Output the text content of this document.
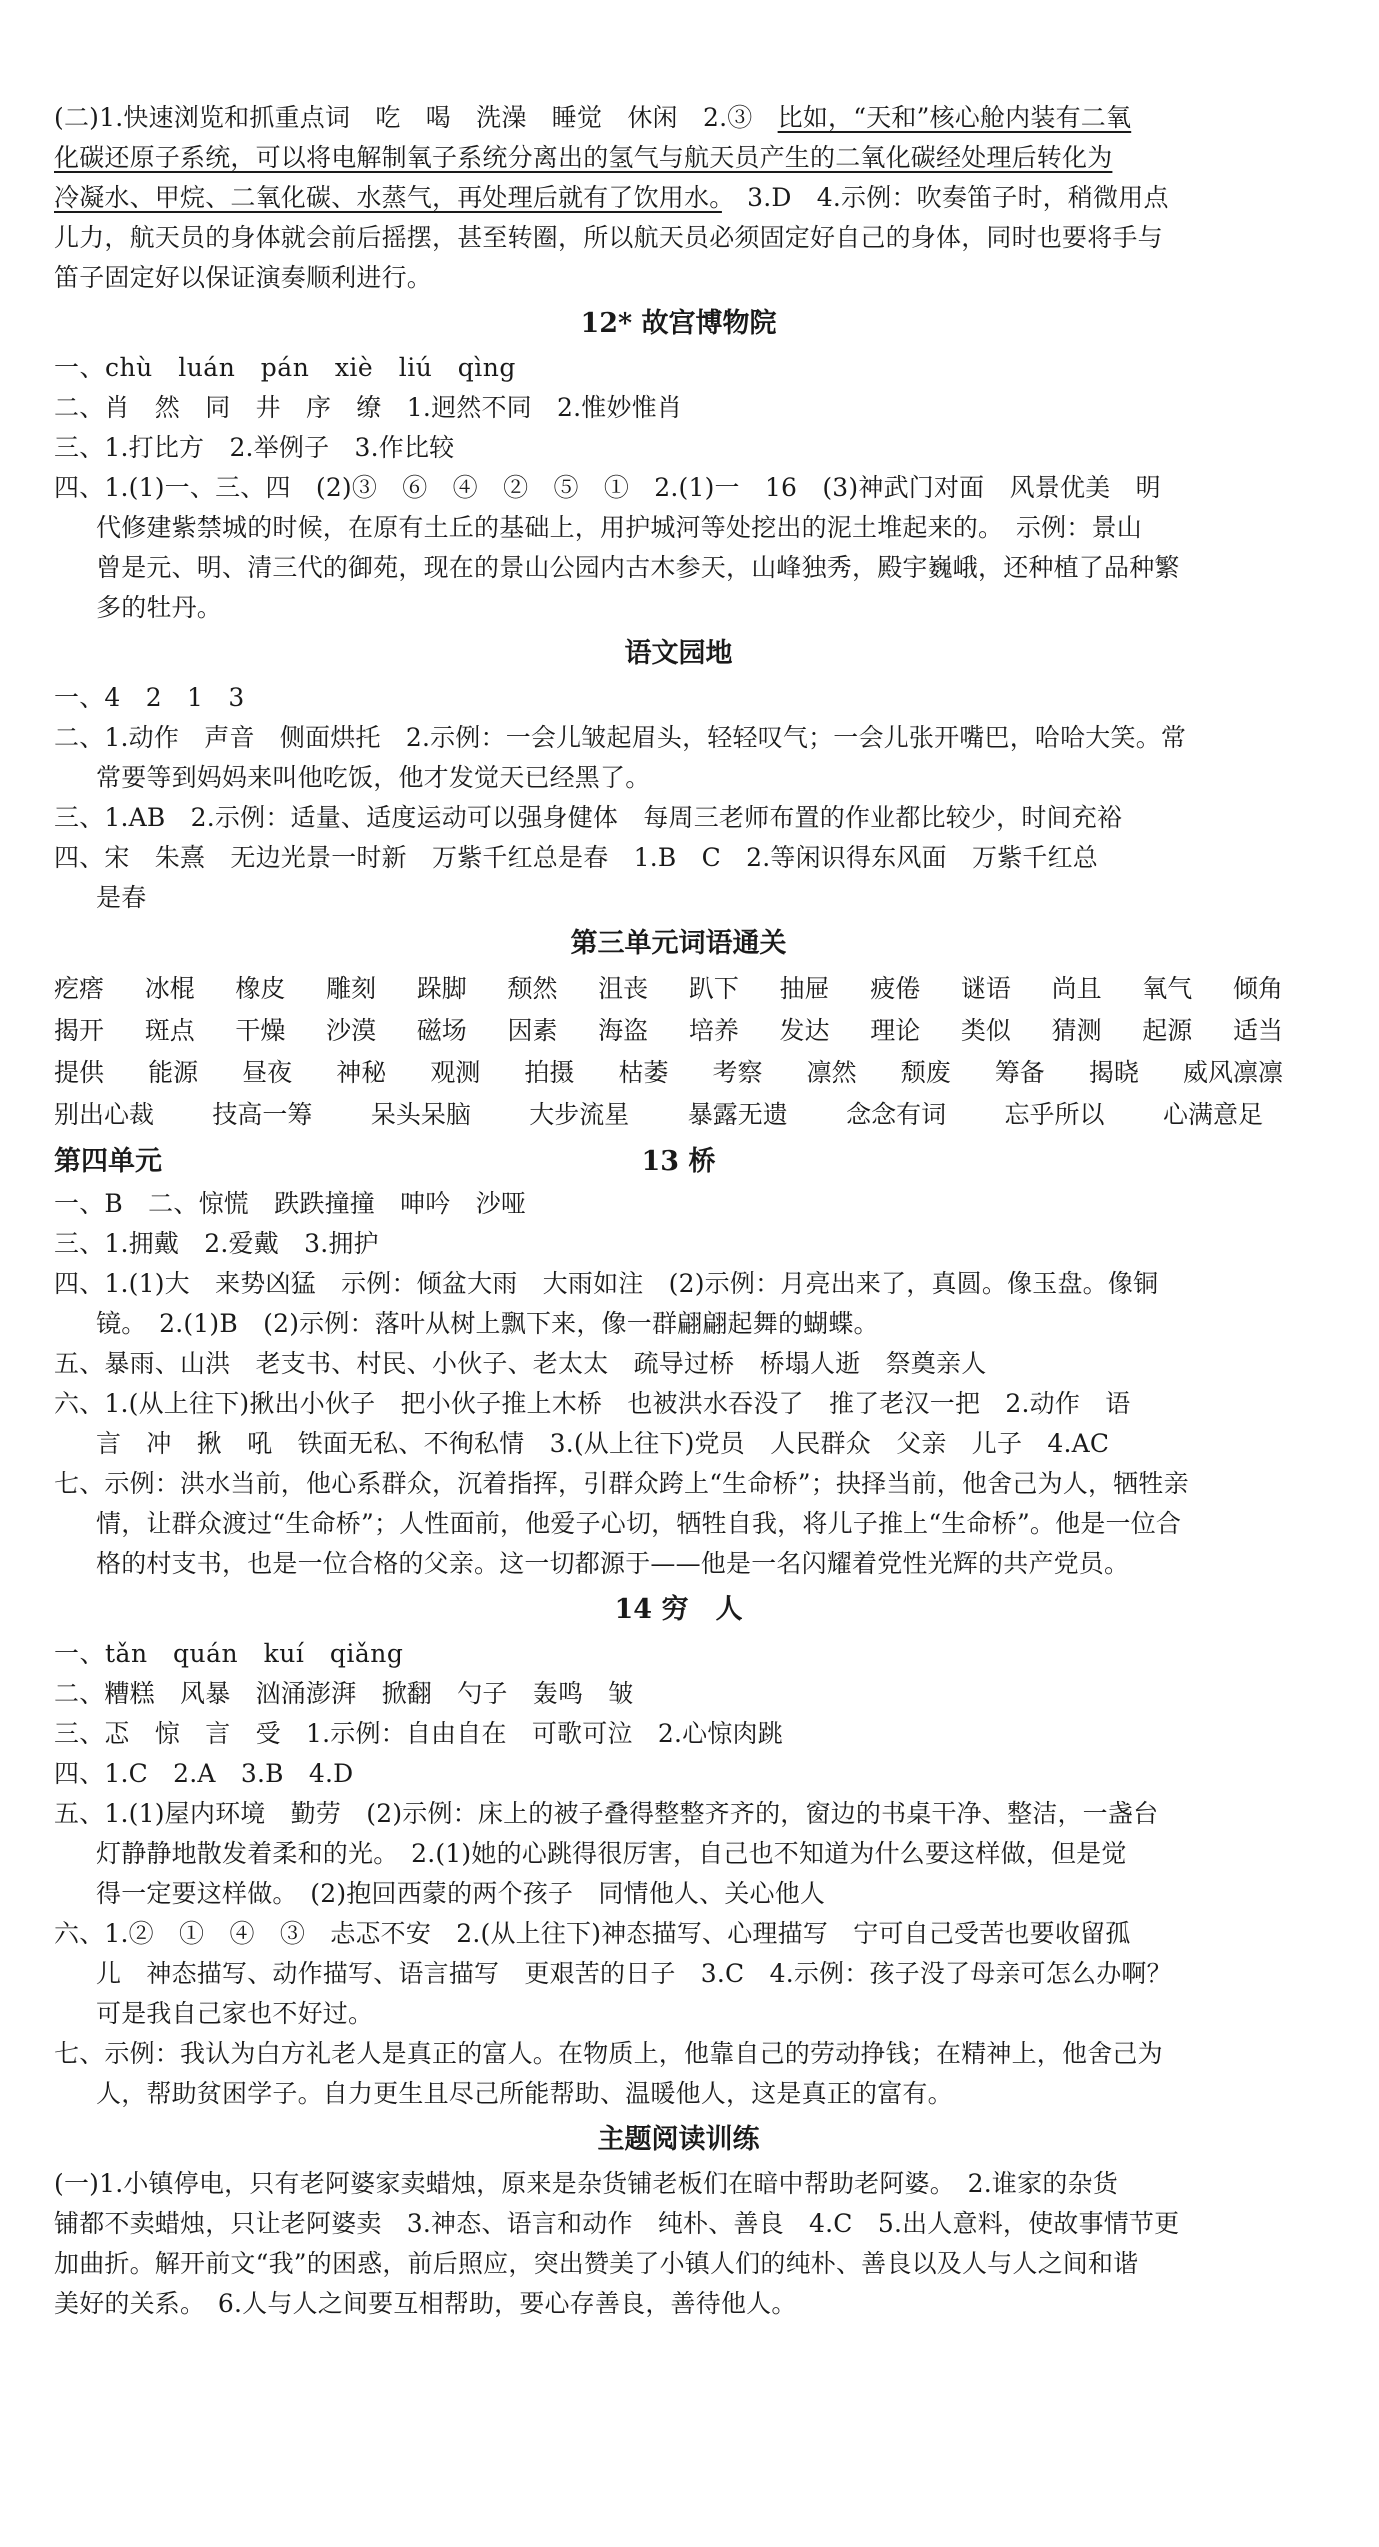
(二)1.快速浏览和抓重点词　吃　喝　洗澡　睡觉　休闲　2.③　比如，“天和”核心舱内装有二氧

化碳还原子系统，可以将电解制氧子系统分离出的氢气与航天员产生的二氧化碳经处理后转化为

冷凝水、甲烷、二氧化碳、水蒸气，再处理后就有了饮用水。　3.D　4.示例：吹奏笛子时，稍微用点

儿力，航天员的身体就会前后摇摆，甚至转圈，所以航天员必须固定好自己的身体，同时也要将手与

笛子固定好以保证演奏顺利进行。

12* 故宫博物院

一、chù　luán　pán　xiè　liú　qìng

二、肖　然　同　井　序　缭　1.迥然不同　2.惟妙惟肖

三、1.打比方　2.举例子　3.作比较

四、1.(1)一、三、四　(2)③　⑥　④　②　⑤　①　2.(1)一　16　(3)神武门对面　风景优美　明

代修建紫禁城的时候，在原有土丘的基础上，用护城河等处挖出的泥土堆起来的。　示例：景山

曾是元、明、清三代的御苑，现在的景山公园内古木参天，山峰独秀，殿宇巍峨，还种植了品种繁

多的牡丹。

语文园地

一、4　2　1　3

二、1.动作　声音　侧面烘托　2.示例：一会儿皱起眉头，轻轻叹气；一会儿张开嘴巴，哈哈大笑。常

常要等到妈妈来叫他吃饭，他才发觉天已经黑了。

三、1.AB　2.示例：适量、适度运动可以强身健体　每周三老师布置的作业都比较少，时间充裕

四、宋　朱熹　无边光景一时新　万紫千红总是春　1.B　C　2.等闲识得东风面　万紫千红总

是春

第三单元词语通关
疙瘩 冰棍 橡皮 雕刻 跺脚 颓然 沮丧 趴下 抽屉 疲倦 谜语 尚且 氧气 倾角
揭开 斑点 干燥 沙漠 磁场 因素 海盗 培养 发达 理论 类似 猜测 起源 适当
提供 能源 昼夜 神秘 观测 拍摄 枯萎 考察 凛然 颓废 筹备 揭晓 威风凛凛
别出心裁 技高一筹 呆头呆脑 大步流星 暴露无遗 念念有词 忘乎所以 心满意足
13 桥
第四单元

一、B　二、惊慌　跌跌撞撞　呻吟　沙哑

三、1.拥戴　2.爱戴　3.拥护

四、1.(1)大　来势凶猛　示例：倾盆大雨　大雨如注　(2)示例：月亮出来了，真圆。像玉盘。像铜

镜。　2.(1)B　(2)示例：落叶从树上飘下来，像一群翩翩起舞的蝴蝶。

五、暴雨、山洪　老支书、村民、小伙子、老太太　疏导过桥　桥塌人逝　祭奠亲人

六、1.(从上往下)揪出小伙子　把小伙子推上木桥　也被洪水吞没了　推了老汉一把　2.动作　语

言　冲　揪　吼　铁面无私、不徇私情　3.(从上往下)党员　人民群众　父亲　儿子　4.AC

七、示例：洪水当前，他心系群众，沉着指挥，引群众跨上“生命桥”；抉择当前，他舍己为人，牺牲亲

情，让群众渡过“生命桥”；人性面前，他爱子心切，牺牲自我，将儿子推上“生命桥”。他是一位合

格的村支书，也是一位合格的父亲。这一切都源于——他是一名闪耀着党性光辉的共产党员。

14 穷　人

一、tǎn　quán　kuí　qiǎng

二、糟糕　风暴　汹涌澎湃　掀翻　勺子　轰鸣　皱

三、忑　惊　言　受　1.示例：自由自在　可歌可泣　2.心惊肉跳

四、1.C　2.A　3.B　4.D

五、1.(1)屋内环境　勤劳　(2)示例：床上的被子叠得整整齐齐的，窗边的书桌干净、整洁，一盏台

灯静静地散发着柔和的光。　2.(1)她的心跳得很厉害，自己也不知道为什么要这样做，但是觉

得一定要这样做。　(2)抱回西蒙的两个孩子　同情他人、关心他人

六、1.②　①　④　③　忐忑不安　2.(从上往下)神态描写、心理描写　宁可自己受苦也要收留孤

儿　神态描写、动作描写、语言描写　更艰苦的日子　3.C　4.示例：孩子没了母亲可怎么办啊？

可是我自己家也不好过。

七、示例：我认为白方礼老人是真正的富人。在物质上，他靠自己的劳动挣钱；在精神上，他舍己为

人，帮助贫困学子。自力更生且尽己所能帮助、温暖他人，这是真正的富有。

主题阅读训练

(一)1.小镇停电，只有老阿婆家卖蜡烛，原来是杂货铺老板们在暗中帮助老阿婆。　2.谁家的杂货

铺都不卖蜡烛，只让老阿婆卖　3.神态、语言和动作　纯朴、善良　4.C　5.出人意料，使故事情节更

加曲折。解开前文“我”的困惑，前后照应，突出赞美了小镇人们的纯朴、善良以及人与人之间和谐

美好的关系。　6.人与人之间要互相帮助，要心存善良，善待他人。
